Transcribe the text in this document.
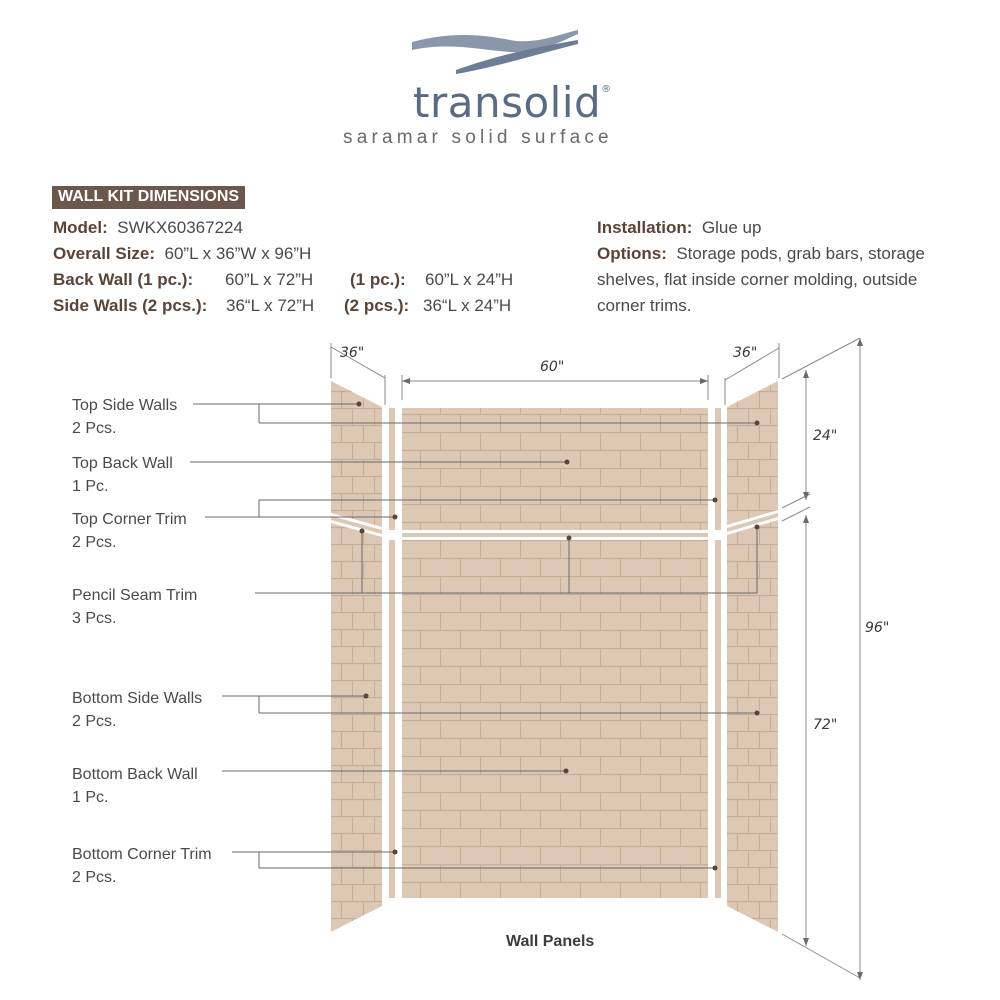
transolid®
saramar solid surface
WALL KIT DIMENSIONS
Model: SWKX60367224
Overall Size: 60”L x 36”W x 96”H
Back Wall (1 pc.): 60”L x 72”H (1 pc.): 60”L x 24”H
Side Walls (2 pcs.): 36“L x 72”H (2 pcs.): 36“L x 24”H
Installation: Glue up
Options: Storage pods, grab bars, storage
shelves, flat inside corner molding, outside
corner trims.
Top Side Walls
2 Pcs.
Top Back Wall
1 Pc.
Top Corner Trim
2 Pcs.
Pencil Seam Trim
3 Pcs.
Bottom Side Walls
2 Pcs.
Bottom Back Wall
1 Pc.
Bottom Corner Trim
2 Pcs.
36"
60"
36"
24"
72"
96"
Wall Panels
